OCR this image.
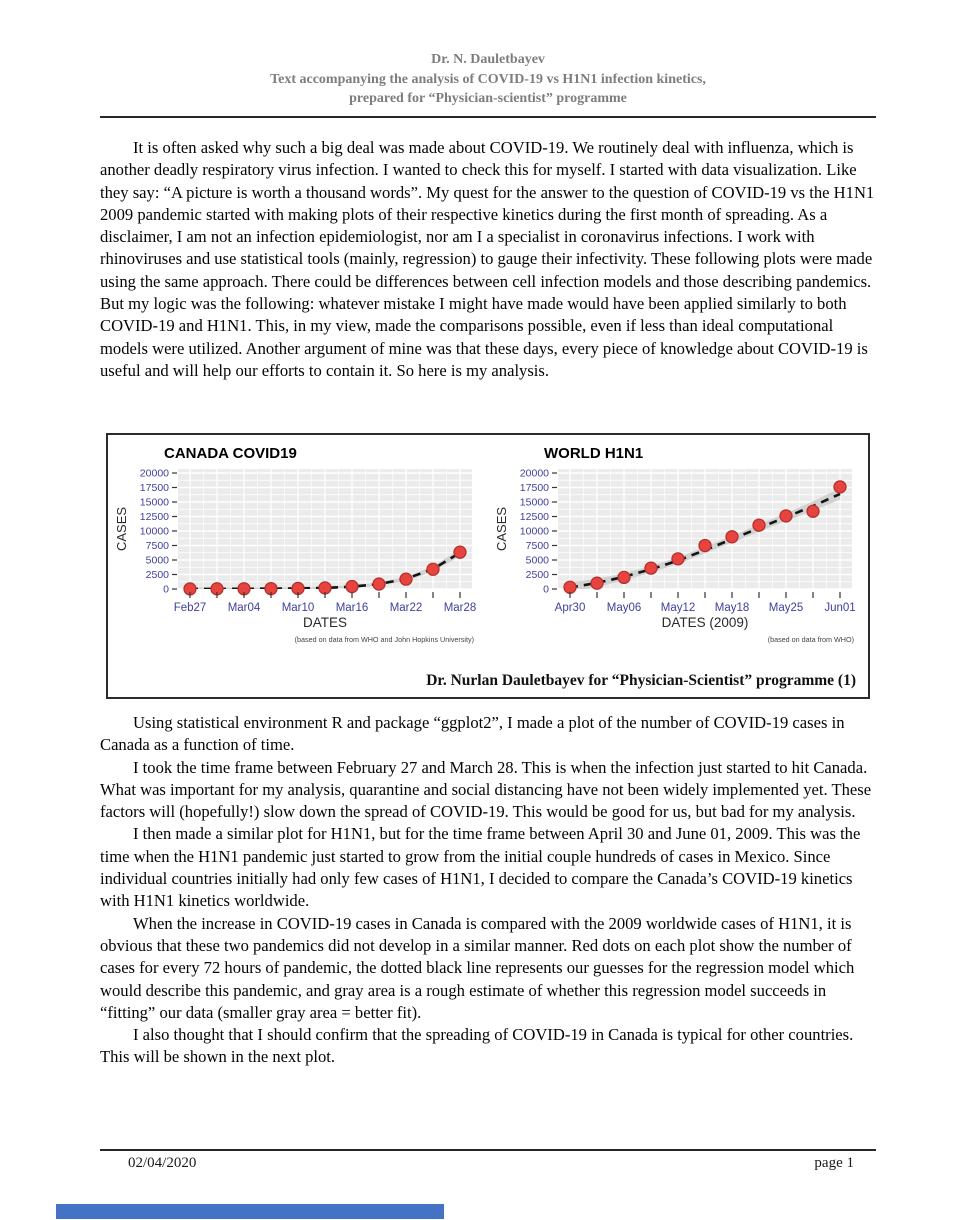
Dr. N. Dauletbayev
Text accompanying the analysis of COVID-19 vs H1N1 infection kinetics,
prepared for “Physician-scientist” programme

It is often asked why such a big deal was made about COVID-19. We routinely deal with influenza, which is another deadly respiratory virus infection. I wanted to check this for myself. I started with data visualization. Like they say: “A picture is worth a thousand words”. My quest for the answer to the question of COVID-19 vs the H1N1 2009 pandemic started with making plots of their respective kinetics during the first month of spreading. As a disclaimer, I am not an infection epidemiologist, nor am I a specialist in coronavirus infections. I work with rhinoviruses and use statistical tools (mainly, regression) to gauge their infectivity. These following plots were made using the same approach. There could be differences between cell infection models and those describing pandemics. But my logic was the following: whatever mistake I might have made would have been applied similarly to both COVID-19 and H1N1. This, in my view, made the comparisons possible, even if less than ideal computational models were utilized. Another argument of mine was that these days, every piece of knowledge about COVID-19 is useful and will help our efforts to contain it. So here is my analysis.

0
2500
5000
7500
10000
12500
15000
17500
20000
Feb27 Mar04 Mar10 Mar16 Mar22 Mar28
CANADA COVID19
DATES
CASES
(based on data from WHO and John Hopkins University)
0
2500
5000
7500
10000
12500
15000
17500
20000
Apr30 May06 May12 May18 May25 Jun01
WORLD H1N1
DATES (2009)
CASES
(based on data from WHO)
Dr. Nurlan Dauletbayev for “Physician-Scientist” programme (1)

Using statistical environment R and package “ggplot2”, I made a plot of the number of COVID-19 cases in Canada as a function of time.

I took the time frame between February 27 and March 28. This is when the infection just started to hit Canada. What was important for my analysis, quarantine and social distancing have not been widely implemented yet. These factors will (hopefully!) slow down the spread of COVID-19. This would be good for us, but bad for my analysis.

I then made a similar plot for H1N1, but for the time frame between April 30 and June 01, 2009. This was the time when the H1N1 pandemic just started to grow from the initial couple hundreds of cases in Mexico. Since individual countries initially had only few cases of H1N1, I decided to compare the Canada’s COVID-19 kinetics with H1N1 kinetics worldwide.

When the increase in COVID-19 cases in Canada is compared with the 2009 worldwide cases of H1N1, it is obvious that these two pandemics did not develop in a similar manner. Red dots on each plot show the number of cases for every 72 hours of pandemic, the dotted black line represents our guesses for the regression model which would describe this pandemic, and gray area is a rough estimate of whether this regression model succeeds in “fitting” our data (smaller gray area = better fit).

I also thought that I should confirm that the spreading of COVID-19 in Canada is typical for other countries. This will be shown in the next plot.

02/04/2020	page 1
